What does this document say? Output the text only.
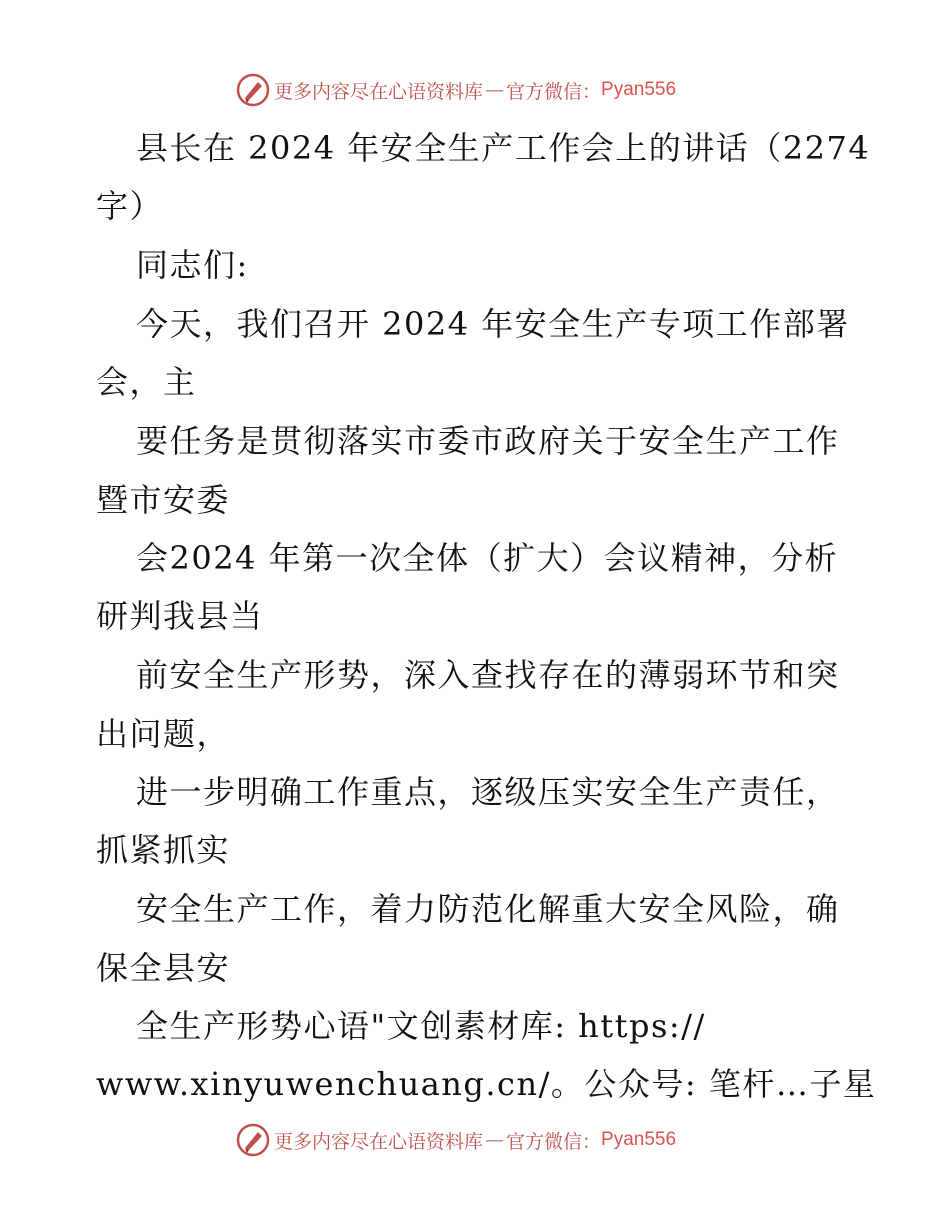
更多内容尽在心语资料库 — 官方微信： Pyan556
县长在 2024 年安全生产工作会上的讲话（2274
字）
同志们:
今天，我们召开 2024 年安全生产专项工作部署
会，主
要任务是贯彻落实市委市政府关于安全生产工作
暨市安委
会2024 年第一次全体（扩大）会议精神，分析
研判我县当
前安全生产形势，深入查找存在的薄弱环节和突
出问题，
进一步明确工作重点，逐级压实安全生产责任，
抓紧抓实
安全生产工作，着力防范化解重大安全风险，确
保全县安
全生产形势心语"文创素材库: https://
www.xinyuwenchuang.cn/。公众号: 笔杆…子星
更多内容尽在心语资料库 — 官方微信： Pyan556
